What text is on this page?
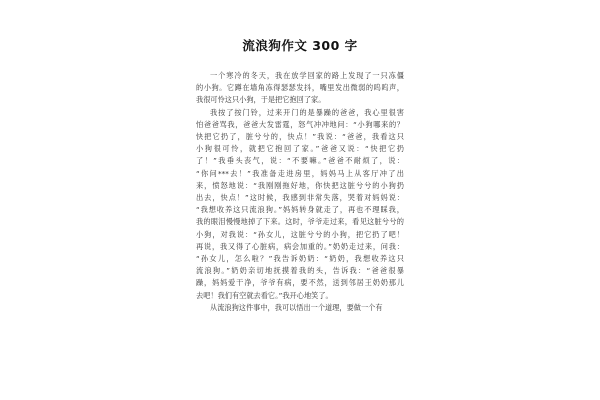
流浪狗作文 300 字
一个寒冷的冬天，我在放学回家的路上发现了一只冻僵
的小狗。它蹲在墙角冻得瑟瑟发抖，嘴里发出微弱的呜呜声，
我很可怜这只小狗，于是把它抱回了家。
我按了按门铃，过来开门的是暴躁的爸爸，我心里很害
怕爸爸骂我，爸爸大发雷霆，怒气冲冲地问：“小狗哪来的？
快把它扔了，脏兮兮的，快点！”我说：“爸爸，我看这只
小狗很可怜，就把它抱回了家。”爸爸又说：“快把它扔
了！”我垂头丧气，说：“不要嘛。”爸爸不耐烦了，说：
“你问***去！”我准备走进房里，妈妈马上从客厅冲了出
来，愤怒地说：“我刚刚拖好地，你快把这脏兮兮的小狗扔
出去，快点！”这时候，我感到非常失落，哭着对妈妈说：
“我想收养这只流浪狗。”妈妈转身就走了，再也不理睬我，
我的眼泪慢慢地掉了下来。这时，爷爷走过来，看见这脏兮兮的
小狗，对我说：“孙女儿，这脏兮兮的小狗，把它扔了吧！
再说，我又得了心脏病，病会加重的。”奶奶走过来，问我：
“孙女儿，怎么啦？”我告诉奶奶：“奶奶，我想收养这只
流浪狗。”奶奶亲切地抚摸着我的头，告诉我：“爸爸很暴
躁，妈妈爱干净，爷爷有病，要不然，送到邻居王奶奶那儿
去吧！我们有空就去看它。”我开心地笑了。
从流浪狗这件事中，我可以悟出一个道理，要做一个有
